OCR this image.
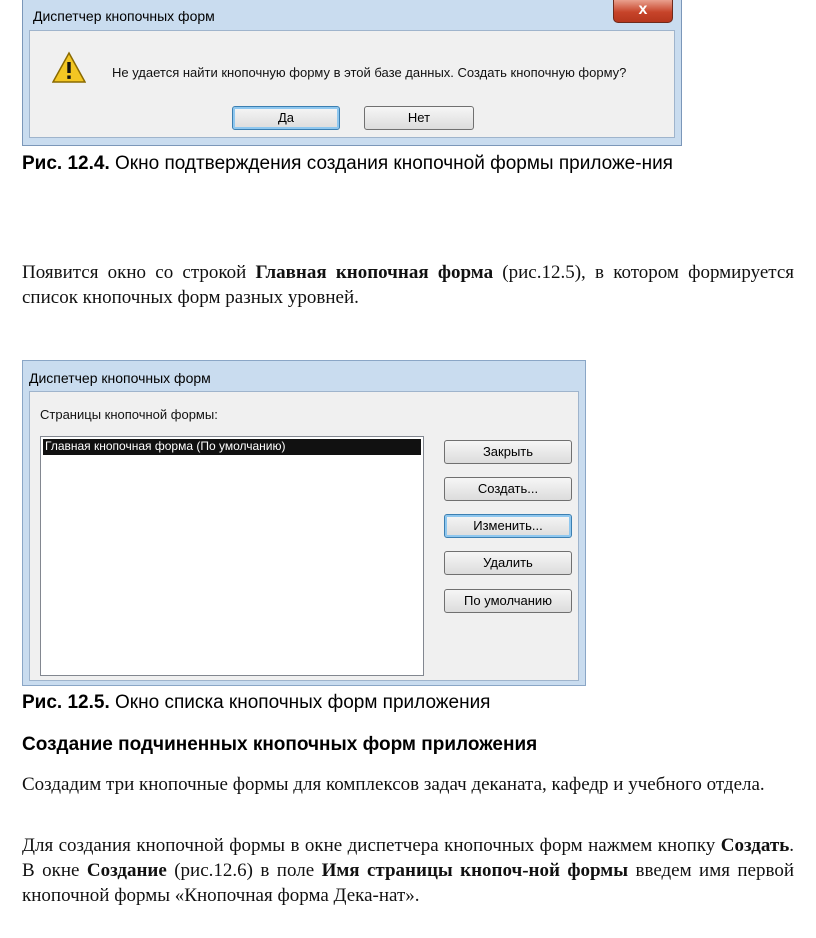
Диспетчер кнопочных форм	x
Не удается найти кнопочную форму в этой базе данных. Создать кнопочную форму?
Да	Нет
Рис. 12.4. Окно подтверждения создания кнопочной формы приложе-ния
Появится окно со строкой Главная кнопочная форма (рис.12.5), в котором формируется список кнопочных форм разных уровней.
Диспетчер кнопочных форм
Страницы кнопочной формы:
Главная кнопочная форма (По умолчанию)	Закрыть
Создать...
Изменить...
Удалить
По умолчанию
Рис. 12.5. Окно списка кнопочных форм приложения
Создание подчиненных кнопочных форм приложения
Создадим три кнопочные формы для комплексов задач деканата, кафедр и учебного отдела.
Для создания кнопочной формы в окне диспетчера кнопочных форм нажмем кнопку Создать. В окне Создание (рис.12.6) в поле Имя страницы кнопоч-ной формы введем имя первой кнопочной формы «Кнопочная форма Дека-нат».
